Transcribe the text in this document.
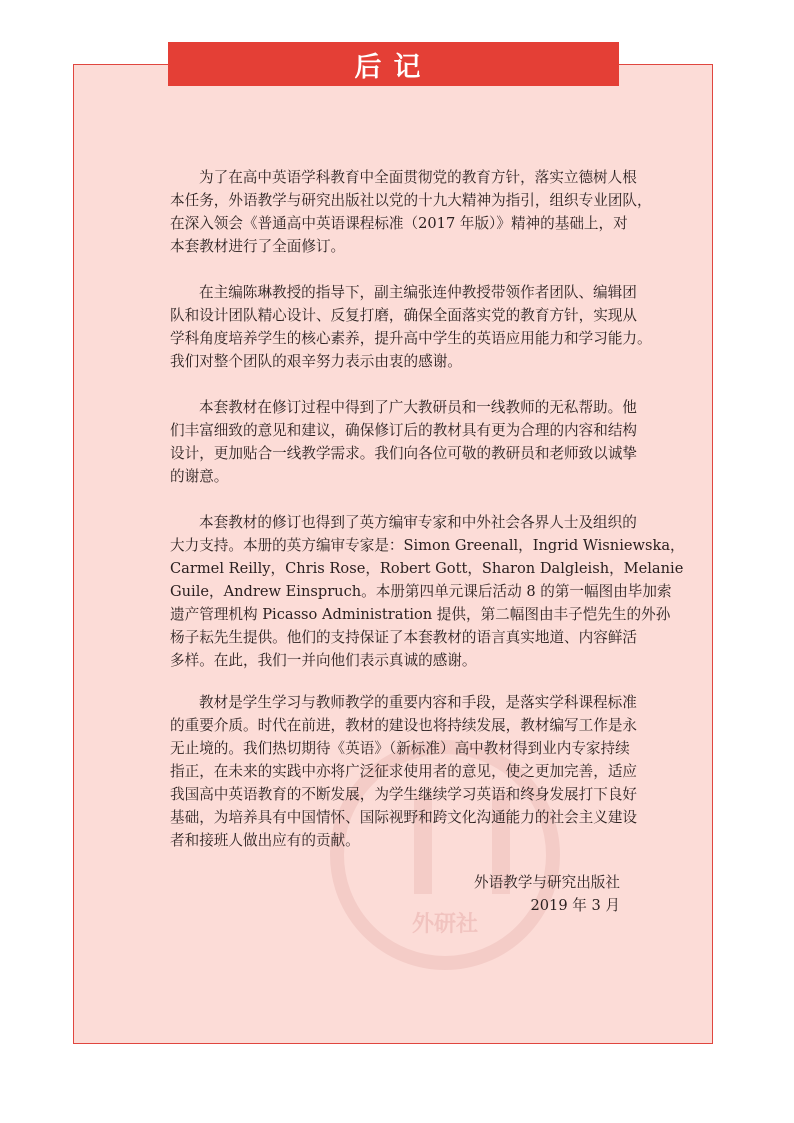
外研社
后记
为了在高中英语学科教育中全面贯彻党的教育方针，落实立德树人根
本任务，外语教学与研究出版社以党的十九大精神为指引，组织专业团队，
在深入领会《普通高中英语课程标准（2017 年版）》精神的基础上，对
本套教材进行了全面修订。
在主编陈琳教授的指导下，副主编张连仲教授带领作者团队、编辑团
队和设计团队精心设计、反复打磨，确保全面落实党的教育方针，实现从
学科角度培养学生的核心素养，提升高中学生的英语应用能力和学习能力。
我们对整个团队的艰辛努力表示由衷的感谢。
本套教材在修订过程中得到了广大教研员和一线教师的无私帮助。他
们丰富细致的意见和建议，确保修订后的教材具有更为合理的内容和结构
设计，更加贴合一线教学需求。我们向各位可敬的教研员和老师致以诚挚
的谢意。
本套教材的修订也得到了英方编审专家和中外社会各界人士及组织的
大力支持。本册的英方编审专家是：Simon Greenall，Ingrid Wisniewska，
Carmel Reilly，Chris Rose，Robert Gott，Sharon Dalgleish，Melanie
Guile，Andrew Einspruch。本册第四单元课后活动 8 的第一幅图由毕加索
遗产管理机构 Picasso Administration 提供，第二幅图由丰子恺先生的外孙
杨子耘先生提供。他们的支持保证了本套教材的语言真实地道、内容鲜活
多样。在此，我们一并向他们表示真诚的感谢。
教材是学生学习与教师教学的重要内容和手段，是落实学科课程标准
的重要介质。时代在前进，教材的建设也将持续发展，教材编写工作是永
无止境的。我们热切期待《英语》（新标准）高中教材得到业内专家持续
指正，在未来的实践中亦将广泛征求使用者的意见，使之更加完善，适应
我国高中英语教育的不断发展，为学生继续学习英语和终身发展打下良好
基础，为培养具有中国情怀、国际视野和跨文化沟通能力的社会主义建设
者和接班人做出应有的贡献。
外语教学与研究出版社
2019 年 3 月
